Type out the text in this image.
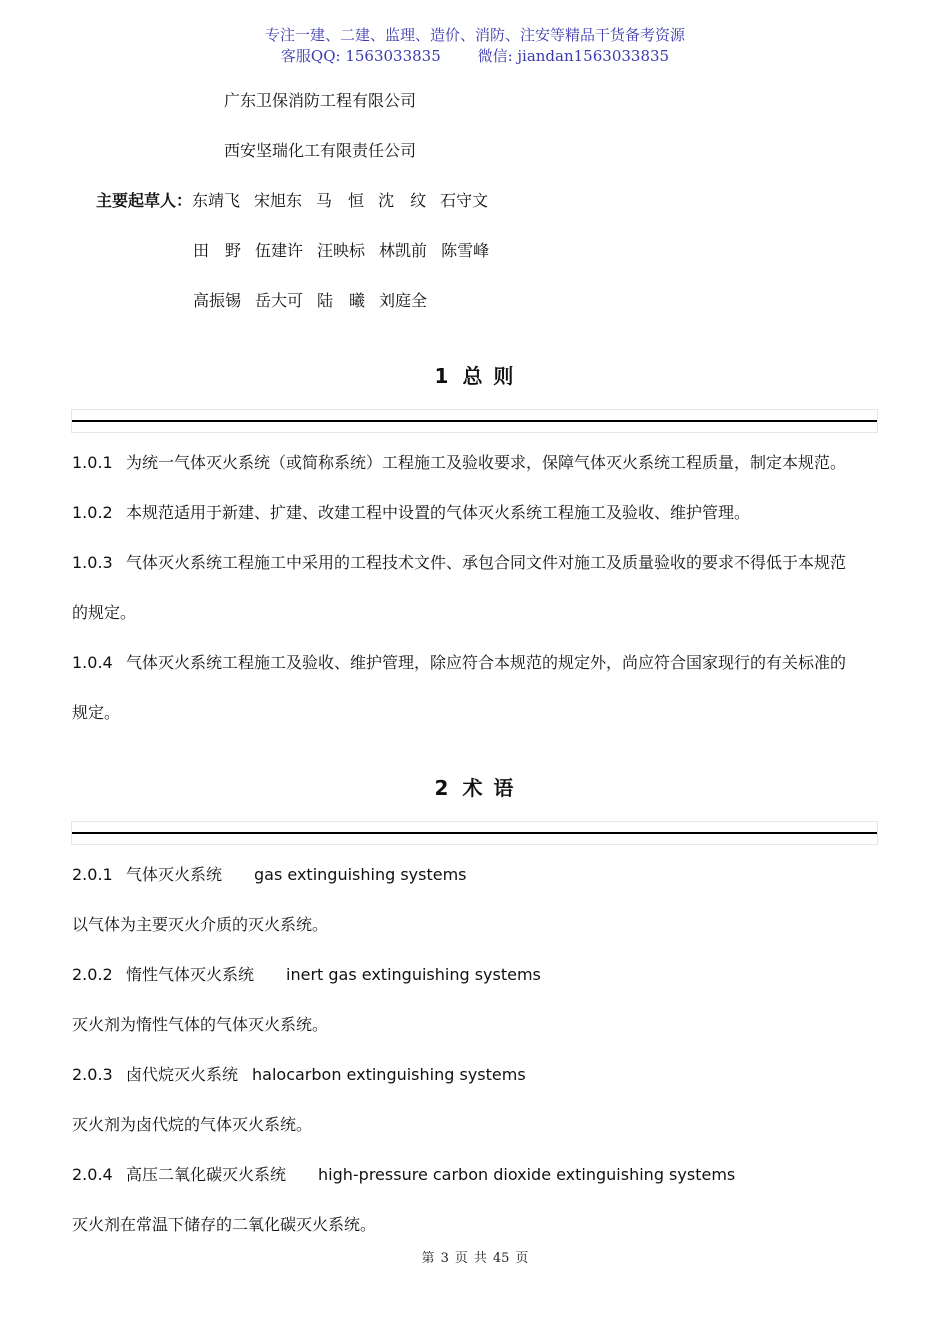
专注一建、二建、监理、造价、消防、注安等精品干货备考资源
客服QQ: 1563033835 微信: jiandan1563033835
广东卫保消防工程有限公司
西安坚瑞化工有限责任公司
主要起草人：东靖飞 宋旭东 马　恒 沈　纹 石守文
田　野 伍建许 汪映标 林凯前 陈雪峰
高振锡 岳大可 陆　曦 刘庭全
1 总 则
1.0.1 为统一气体灭火系统（或简称系统）工程施工及验收要求，保障气体灭火系统工程质量，制定本规范。
1.0.2 本规范适用于新建、扩建、改建工程中设置的气体灭火系统工程施工及验收、维护管理。
1.0.3 气体灭火系统工程施工中采用的工程技术文件、承包合同文件对施工及质量验收的要求不得低于本规范
的规定。
1.0.4 气体灭火系统工程施工及验收、维护管理，除应符合本规范的规定外，尚应符合国家现行的有关标准的
规定。
2 术 语
2.0.1 气体灭火系统 gas extinguishing systems
以气体为主要灭火介质的灭火系统。
2.0.2 惰性气体灭火系统 inert gas extinguishing systems
灭火剂为惰性气体的气体灭火系统。
2.0.3 卤代烷灭火系统 halocarbon extinguishing systems
灭火剂为卤代烷的气体灭火系统。
2.0.4 高压二氧化碳灭火系统 high-pressure carbon dioxide extinguishing systems
灭火剂在常温下储存的二氧化碳灭火系统。
第 3 页 共 45 页
